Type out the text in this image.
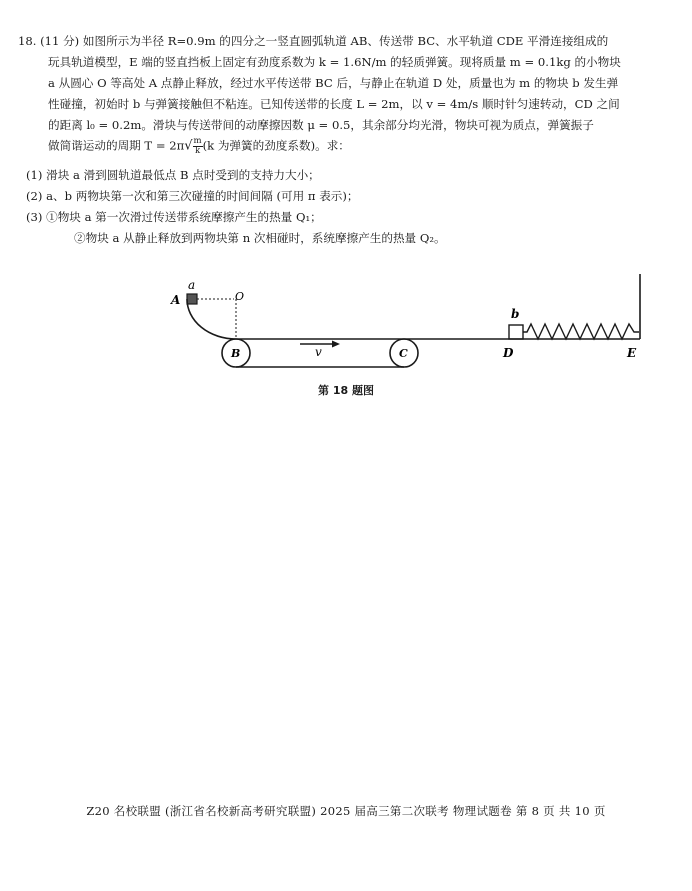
18. (11 分) 如图所示为半径 R=0.9m 的四分之一竖直圆弧轨道 AB、传送带 BC、水平轨道 CDE 平滑连接组成的
玩具轨道模型，E 端的竖直挡板上固定有劲度系数为 k = 1.6N/m 的轻质弹簧。现将质量 m = 0.1kg 的小物块
a 从圆心 O 等高处 A 点静止释放，经过水平传送带 BC 后，与静止在轨道 D 处，质量也为 m 的物块 b 发生弹
性碰撞，初始时 b 与弹簧接触但不粘连。已知传送带的长度 L = 2m，以 v = 4m/s 顺时针匀速转动，CD 之间
的距离 l₀ = 0.2m。滑块与传送带间的动摩擦因数 μ = 0.5，其余部分均光滑，物块可视为质点，弹簧振子
做简谐运动的周期 $T = 2\pi√ \frac{m}{k} (k$ 为弹簧的劲度系数)。求：
(1) 滑块 a 滑到圆轨道最低点 B 点时受到的支持力大小；
(2) a、b 两物块第一次和第三次碰撞的时间间隔 (可用 π 表示)；
(3) ①物块 a 第一次滑过传送带系统摩擦产生的热量 Q₁；
②物块 a 从静止释放到两物块第 n 次相碰时，系统摩擦产生的热量 Q₂。
a
A	O
B	C
v
b
D	E
第 18 题图
Z20 名校联盟 (浙江省名校新高考研究联盟) 2025 届高三第二次联考 物理试题卷 第 8 页 共 10 页
